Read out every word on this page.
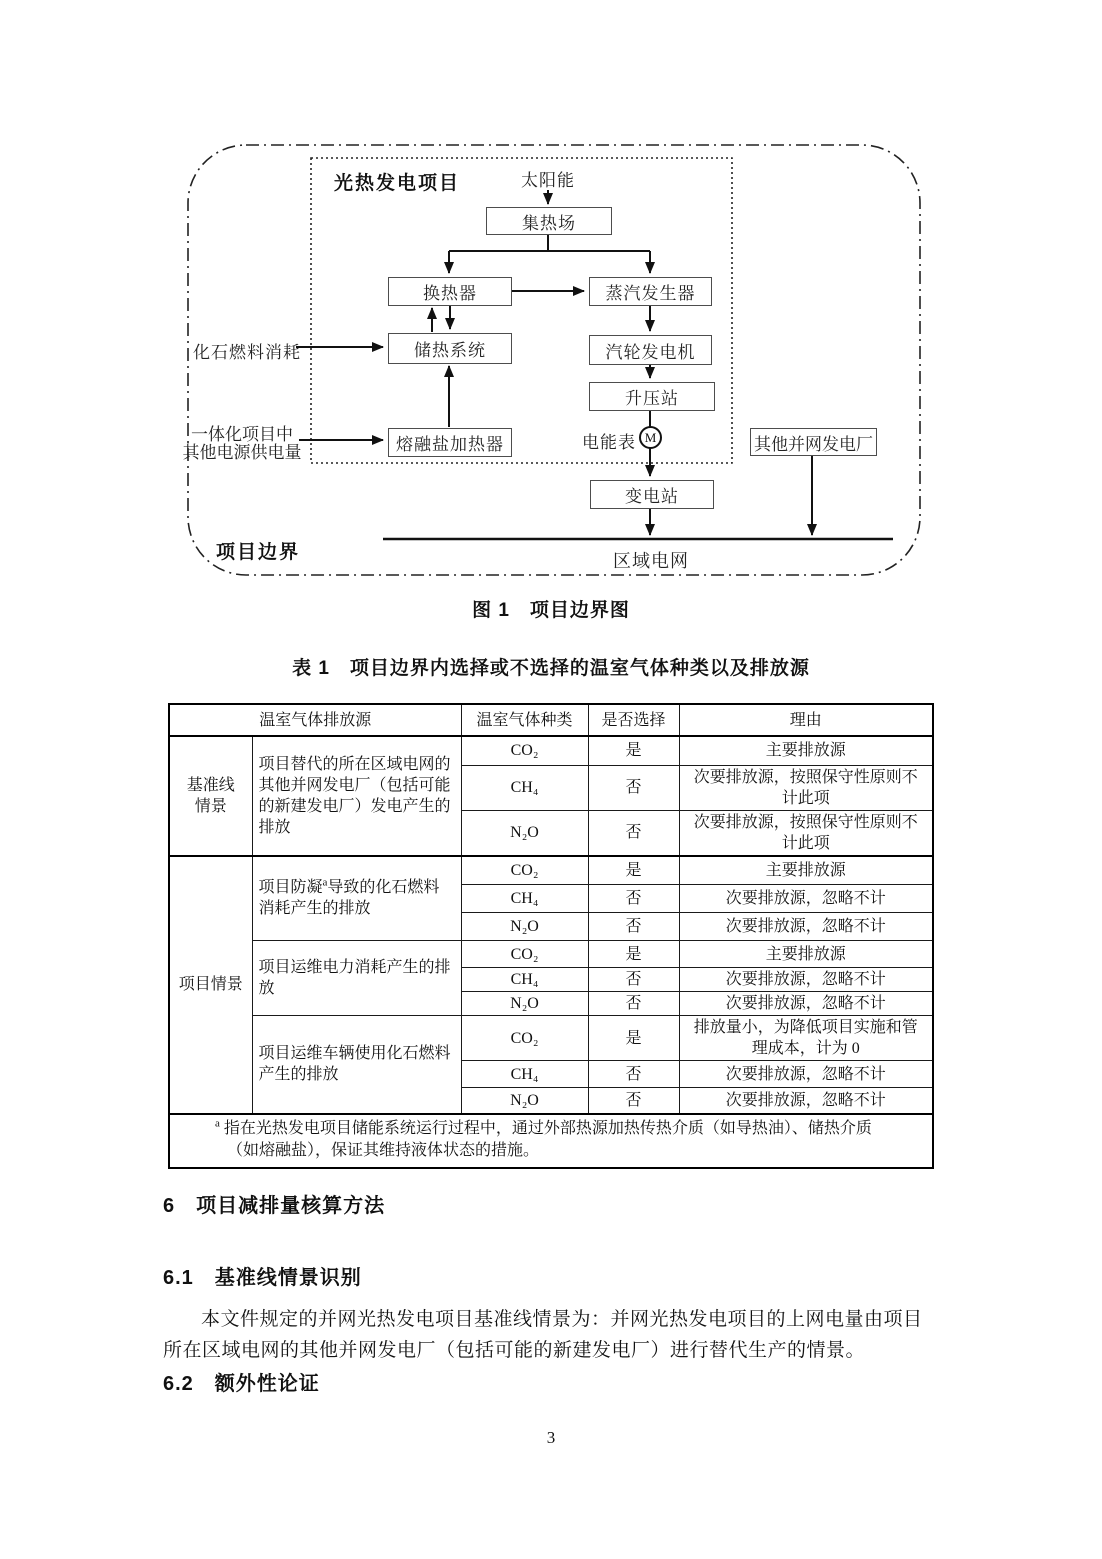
光热发电项目	太阳能
集热场
换热器	蒸汽发生器
储热系统	汽轮发电机
升压站
熔融盐加热器	其他并网发电厂
变电站
化石燃料消耗
一体化项目中
其他电源供电量
电能表 M
项目边界	区域电网
图 1　项目边界图
表 1　项目边界内选择或不选择的温室气体种类以及排放源
温室气体排放源		温室气体种类	是否选择	理由

基准线
情景	项目替代的所在区域电网的其他并网发电厂（包括可能的新建发电厂）发电产生的排放	CO₂	是	主要排放源
		CH₄	否	次要排放源，按照保守性原则不计此项
		N₂O	否	次要排放源，按照保守性原则不计此项
项目情景	项目防凝$^a$导致的化石燃料消耗产生的排放	CO₂	是	主要排放源
		CH₄	否	次要排放源，忽略不计
		N₂O	否	次要排放源，忽略不计
	项目运维电力消耗产生的排放	CO₂	是	主要排放源
		CH₄	否	次要排放源，忽略不计
		N₂O	否	次要排放源，忽略不计
	项目运维车辆使用化石燃料产生的排放	CO₂	是	排放量小，为降低项目实施和管理成本，计为 0
		CH₄	否	次要排放源，忽略不计
		N₂O	否	次要排放源，忽略不计

$^a$ 指在光热发电项目储能系统运行过程中，通过外部热源加热传热介质（如导热油）、储热介质
（如熔融盐），保证其维持液体状态的措施。				
6　项目减排量核算方法
6.1　基准线情景识别
本文件规定的并网光热发电项目基准线情景为：并网光热发电项目的上网电量由项目
所在区域电网的其他并网发电厂（包括可能的新建发电厂）进行替代生产的情景。
6.2　额外性论证
3
